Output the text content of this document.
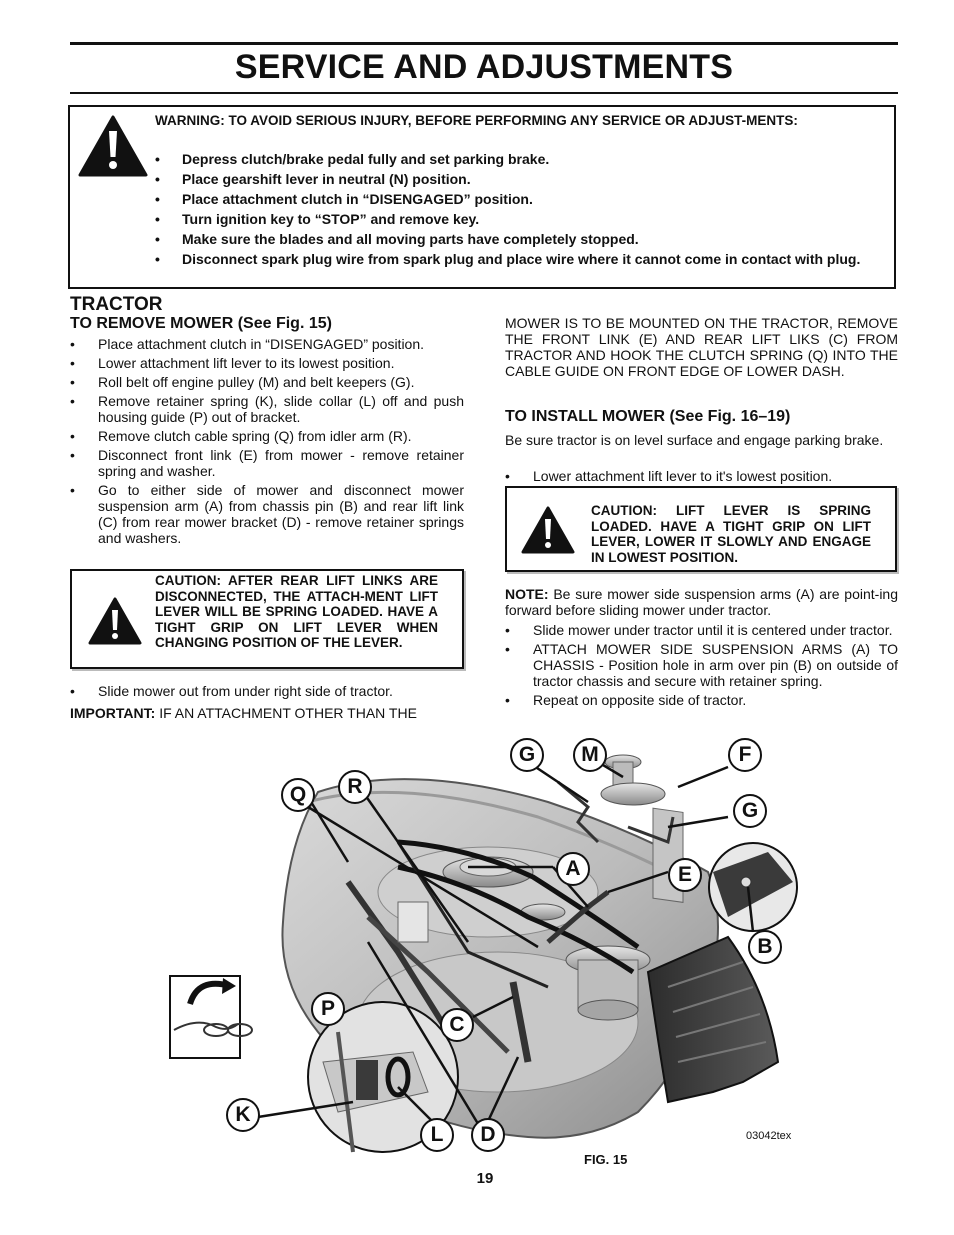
SERVICE AND ADJUSTMENTS
WARNING: TO AVOID SERIOUS INJURY, BEFORE PERFORMING ANY SERVICE OR ADJUST-MENTS:
• Depress clutch/brake pedal fully and set parking brake.
• Place gearshift lever in neutral (N) position.
• Place attachment clutch in “DISENGAGED” position.
• Turn ignition key to “STOP” and remove key.
• Make sure the blades and all moving parts have completely stopped.
• Disconnect spark plug wire from spark plug and place wire where it cannot come in contact with plug.
TRACTOR
TO REMOVE MOWER (See Fig. 15)
• Place attachment clutch in “DISENGAGED” position.
• Lower attachment lift lever to its lowest position.
• Roll belt off engine pulley (M) and belt keepers (G).
• Remove retainer spring (K), slide collar (L) off and push housing guide (P) out of bracket.
• Remove clutch cable spring (Q) from idler arm (R).
• Disconnect front link (E) from mower - remove retainer spring and washer.
• Go to either side of mower and disconnect mower suspension arm (A) from chassis pin (B) and rear lift link (C) from rear mower bracket (D) - remove retainer springs and washers.
CAUTION: AFTER REAR LIFT LINKS ARE DISCONNECTED, THE ATTACH-MENT LIFT LEVER WILL BE SPRING LOADED. HAVE A TIGHT GRIP ON LIFT LEVER WHEN CHANGING POSITION OF THE LEVER.
• Slide mower out from under right side of tractor.
IMPORTANT: IF AN ATTACHMENT OTHER THAN THE
MOWER IS TO BE MOUNTED ON THE TRACTOR, REMOVE THE FRONT LINK (E) AND REAR LIFT LIKS (C) FROM TRACTOR AND HOOK THE CLUTCH SPRING (Q) INTO THE CABLE GUIDE ON FRONT EDGE OF LOWER DASH.
TO INSTALL MOWER (See Fig. 16–19)
Be sure tractor is on level surface and engage parking brake.
• Lower attachment lift lever to it's lowest position.
CAUTION: LIFT LEVER IS SPRING LOADED. HAVE A TIGHT GRIP ON LIFT LEVER, LOWER IT SLOWLY AND ENGAGE IN LOWEST POSITION.
NOTE: Be sure mower side suspension arms (A) are point-ing forward before sliding mower under tractor.
• Slide mower under tractor until it is centered under tractor.
• ATTACH MOWER SIDE SUSPENSION ARMS (A) TO CHASSIS - Position hole in arm over pin (B) on outside of tractor chassis and secure with retainer spring.
• Repeat on opposite side of tractor.
G	M	F
R
Q
G
A	E
B
P
C
K
L	D	03042tex
FIG. 15
19
